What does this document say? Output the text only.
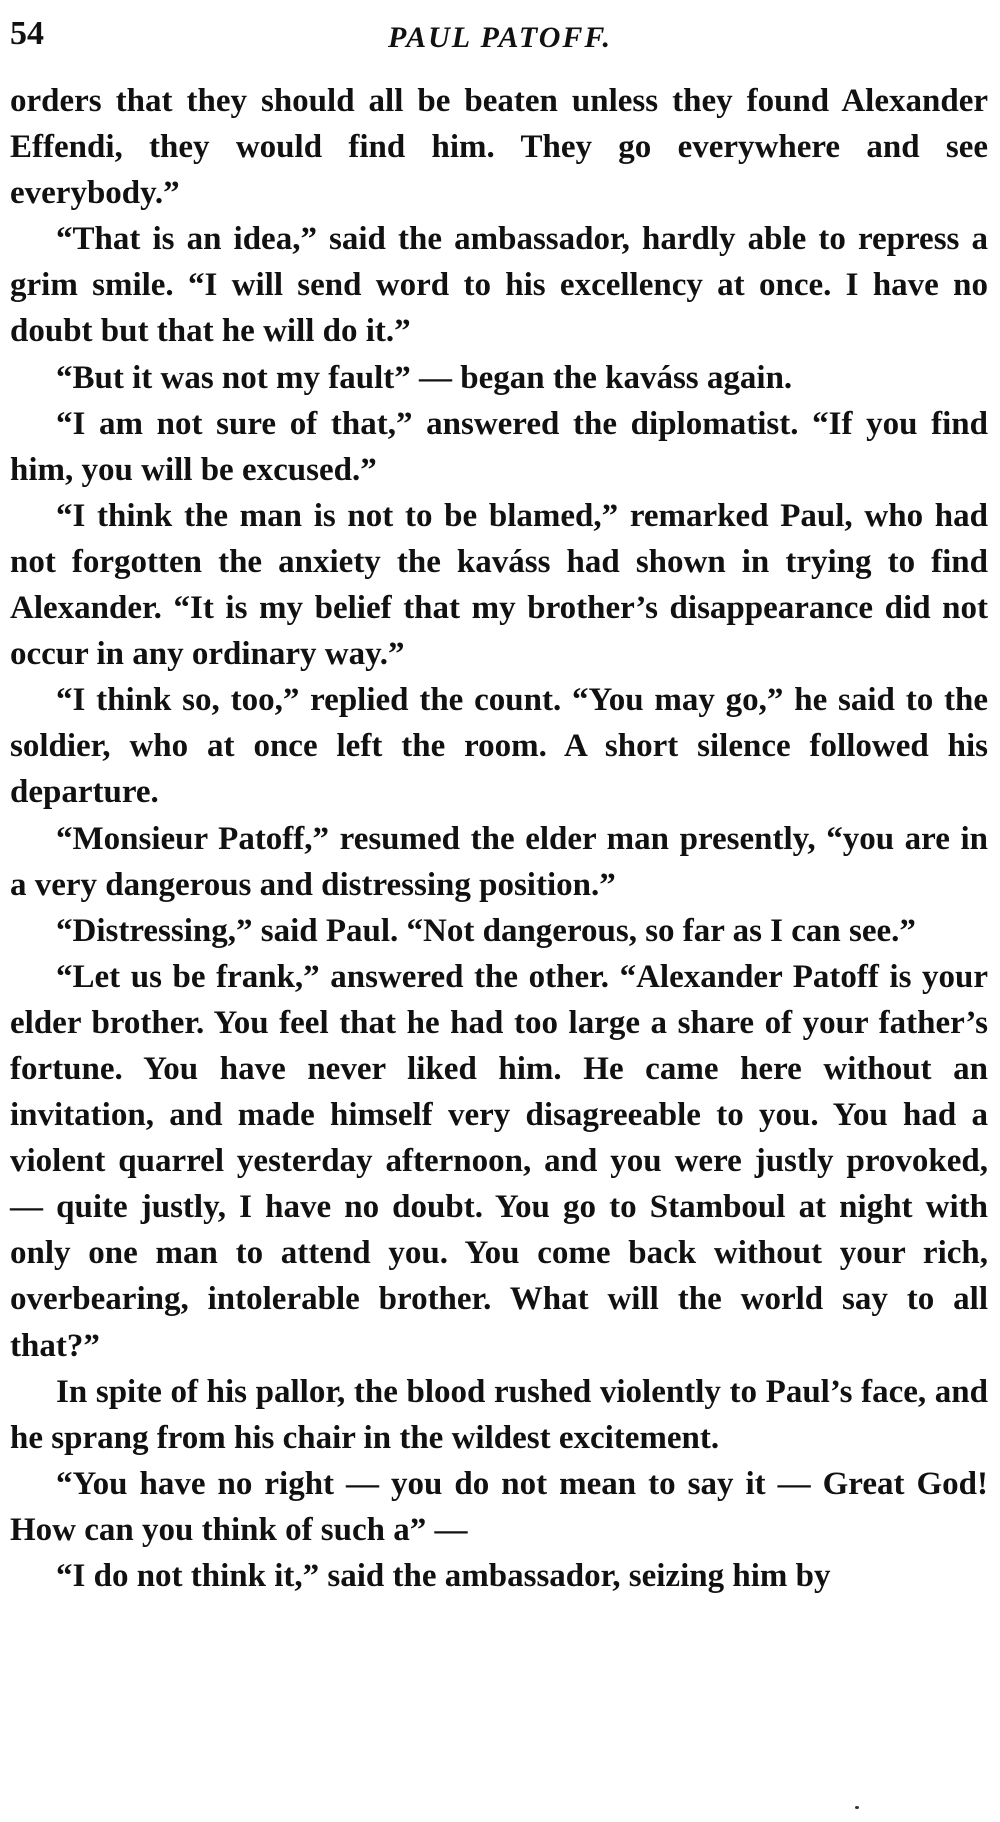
54	PAUL PATOFF.

orders that they should all be beaten unless they found Alexander Effendi, they would find him. They go everywhere and see everybody.”

“That is an idea,” said the ambassador, hardly able to repress a grim smile. “I will send word to his excellency at once. I have no doubt but that he will do it.”

“But it was not my fault” — began the kaváss again.

“I am not sure of that,” answered the diplomatist. “If you find him, you will be excused.”

“I think the man is not to be blamed,” remarked Paul, who had not forgotten the anxiety the kaváss had shown in trying to find Alexander. “It is my belief that my brother’s disappearance did not occur in any ordinary way.”

“I think so, too,” replied the count. “You may go,” he said to the soldier, who at once left the room. A short silence followed his departure.

“Monsieur Patoff,” resumed the elder man presently, “you are in a very dangerous and distressing position.”

“Distressing,” said Paul. “Not dangerous, so far as I can see.”

“Let us be frank,” answered the other. “Alexander Patoff is your elder brother. You feel that he had too large a share of your father’s fortune. You have never liked him. He came here without an invitation, and made himself very disagreeable to you. You had a violent quarrel yesterday afternoon, and you were justly provoked, — quite justly, I have no doubt. You go to Stamboul at night with only one man to attend you. You come back without your rich, overbearing, intolerable brother. What will the world say to all that?”

In spite of his pallor, the blood rushed violently to Paul’s face, and he sprang from his chair in the wildest excitement.

“You have no right — you do not mean to say it — Great God! How can you think of such a” —

“I do not think it,” said the ambassador, seizing him by
